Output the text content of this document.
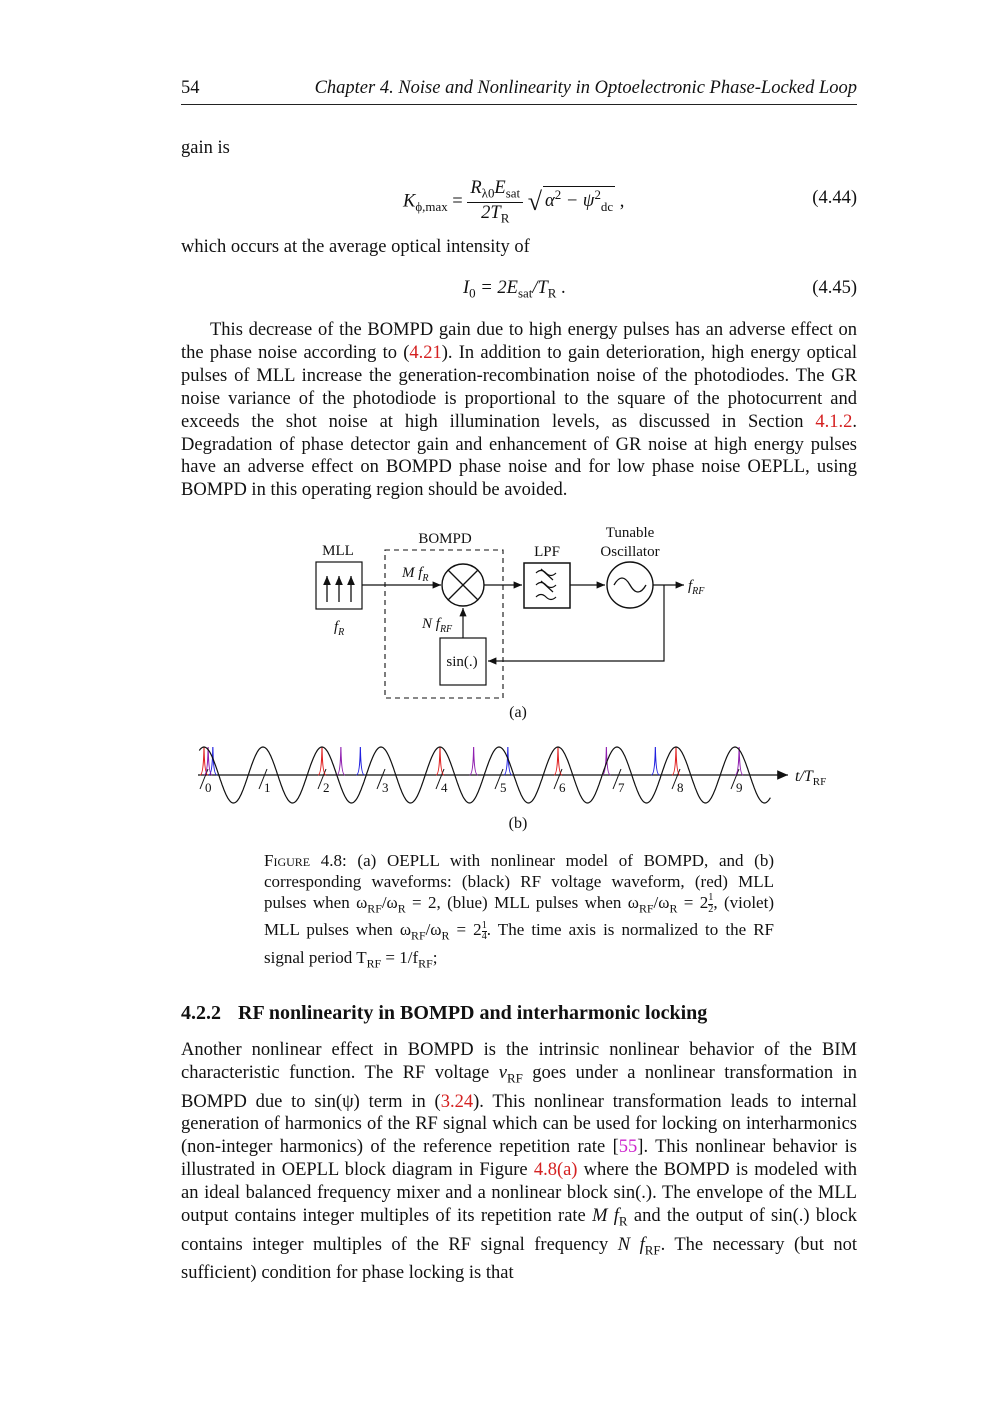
54	Chapter 4. Noise and Nonlinearity in Optoelectronic Phase-Locked Loop
gain is
$K_{\phi,max} = \frac{R_{\lambda 0}E_{sat}}{2T_R}$ √ $\alpha^2 - \psi^2_{dc}$ ,	(4.44)
which occurs at the average optical intensity of
$I_0 = 2E_{sat}/T_R$ .	(4.45)
This decrease of the BOMPD gain due to high energy pulses has an adverse effect on the phase noise according to (4.21). In addition to gain deterioration, high energy optical pulses of MLL increase the generation-recombination noise of the photodiodes. The GR noise variance of the photodiode is proportional to the square of the photocurrent and exceeds the shot noise at high illumination levels, as discussed in Section 4.1.2. Degradation of phase detector gain and enhancement of GR noise at high energy pulses have an adverse effect on BOMPD phase noise and for low phase noise OEPLL, using BOMPD in this operating region should be avoided.
MLL
BOMPD
LPF
Tunable
Oscillator
$f_R$
M $f_R$
N $f_{RF}$
$f_{RF}$
sin(.)
(a)
0	1	2	3	4	5	6	7	8	9
$t/T_{RF}$
(b)
Figure 4.8: (a) OEPLL with nonlinear model of BOMPD, and (b) corresponding waveforms: (black) RF voltage waveform, (red) MLL pulses when $\omega_{RF}/\omega_R = 2$, (blue) MLL pulses when $\omega_{RF}/\omega_R = 2 \frac{1}{2}$ , (violet) MLL pulses when $\omega_{RF}/\omega_R = 2 \frac{1}{4}$ . The time axis is normalized to the RF signal period $T_{RF} = 1/f_{RF}$;
4.2.2 RF nonlinearity in BOMPD and interharmonic locking
Another nonlinear effect in BOMPD is the intrinsic nonlinear behavior of the BIM characteristic function. The RF voltage $v_{RF}$ goes under a nonlinear transformation in BOMPD due to sin(ψ) term in (3.24). This nonlinear transformation leads to internal generation of harmonics of the RF signal which can be used for locking on interharmonics (non-integer harmonics) of the reference repetition rate [55]. This nonlinear behavior is illustrated in OEPLL block diagram in Figure 4.8(a) where the BOMPD is modeled with an ideal balanced frequency mixer and a nonlinear block sin(.). The envelope of the MLL output contains integer multiples of its repetition rate M $f_R$ and the output of sin(.) block contains integer multiples of the RF signal frequency N $f_{RF}$. The necessary (but not sufficient) condition for phase locking is that
